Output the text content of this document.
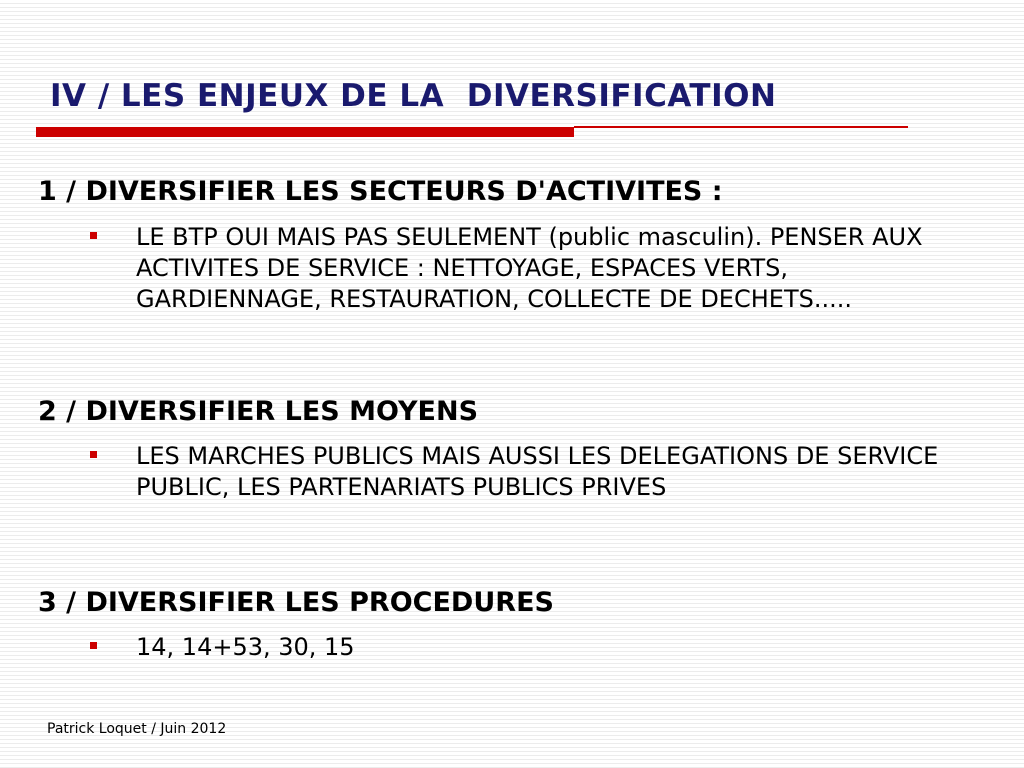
IV / LES ENJEUX DE LA  DIVERSIFICATION
1 / DIVERSIFIER LES SECTEURS D'ACTIVITES :

LE BTP OUI MAIS PAS SEULEMENT (public masculin). PENSER AUX ACTIVITES DE SERVICE : NETTOYAGE, ESPACES VERTS, GARDIENNAGE, RESTAURATION, COLLECTE DE DECHETS.....

2 / DIVERSIFIER LES MOYENS

LES MARCHES PUBLICS MAIS AUSSI LES DELEGATIONS DE SERVICE PUBLIC, LES PARTENARIATS PUBLICS PRIVES

3 / DIVERSIFIER LES PROCEDURES

14, 14+53, 30, 15

Patrick Loquet / Juin 2012
